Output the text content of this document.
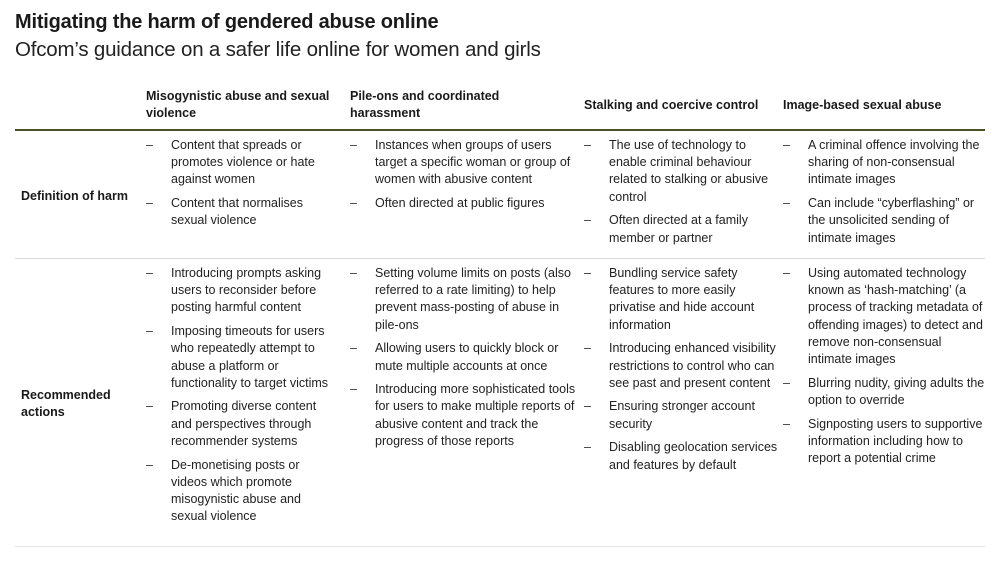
Mitigating the harm of gendered abuse online
Ofcom’s guidance on a safer life online for women and girls
Misogynistic abuse and sexual violence
Pile-ons and coordinated harassment
Stalking and coercive control	Image-based sexual abuse
Definition of harm
– Content that spreads or promotes violence or hate against women
– Content that normalises sexual violence
– Instances when groups of users target a specific woman or group of women with abusive content
– Often directed at public figures
– The use of technology to enable criminal behaviour related to stalking or abusive control
– Often directed at a family member or partner
– A criminal offence involving the sharing of non-consensual intimate images
– Can include “cyberflashing” or the unsolicited sending of intimate images
Recommended actions
– Introducing prompts asking users to reconsider before posting harmful content
– Imposing timeouts for users who repeatedly attempt to abuse a platform or functionality to target victims
– Promoting diverse content and perspectives through recommender systems
– De-monetising posts or videos which promote misogynistic abuse and sexual violence
– Setting volume limits on posts (also referred to a rate limiting) to help prevent mass-posting of abuse in pile-ons
– Allowing users to quickly block or mute multiple accounts at once
– Introducing more sophisticated tools for users to make multiple reports of abusive content and track the progress of those reports
– Bundling service safety features to more easily privatise and hide account information
– Introducing enhanced visibility restrictions to control who can see past and present content
– Ensuring stronger account security
– Disabling geolocation services and features by default
– Using automated technology known as ‘hash-matching’ (a process of tracking metadata of offending images) to detect and remove non-consensual intimate images
– Blurring nudity, giving adults the option to override
– Signposting users to supportive information including how to report a potential crime
